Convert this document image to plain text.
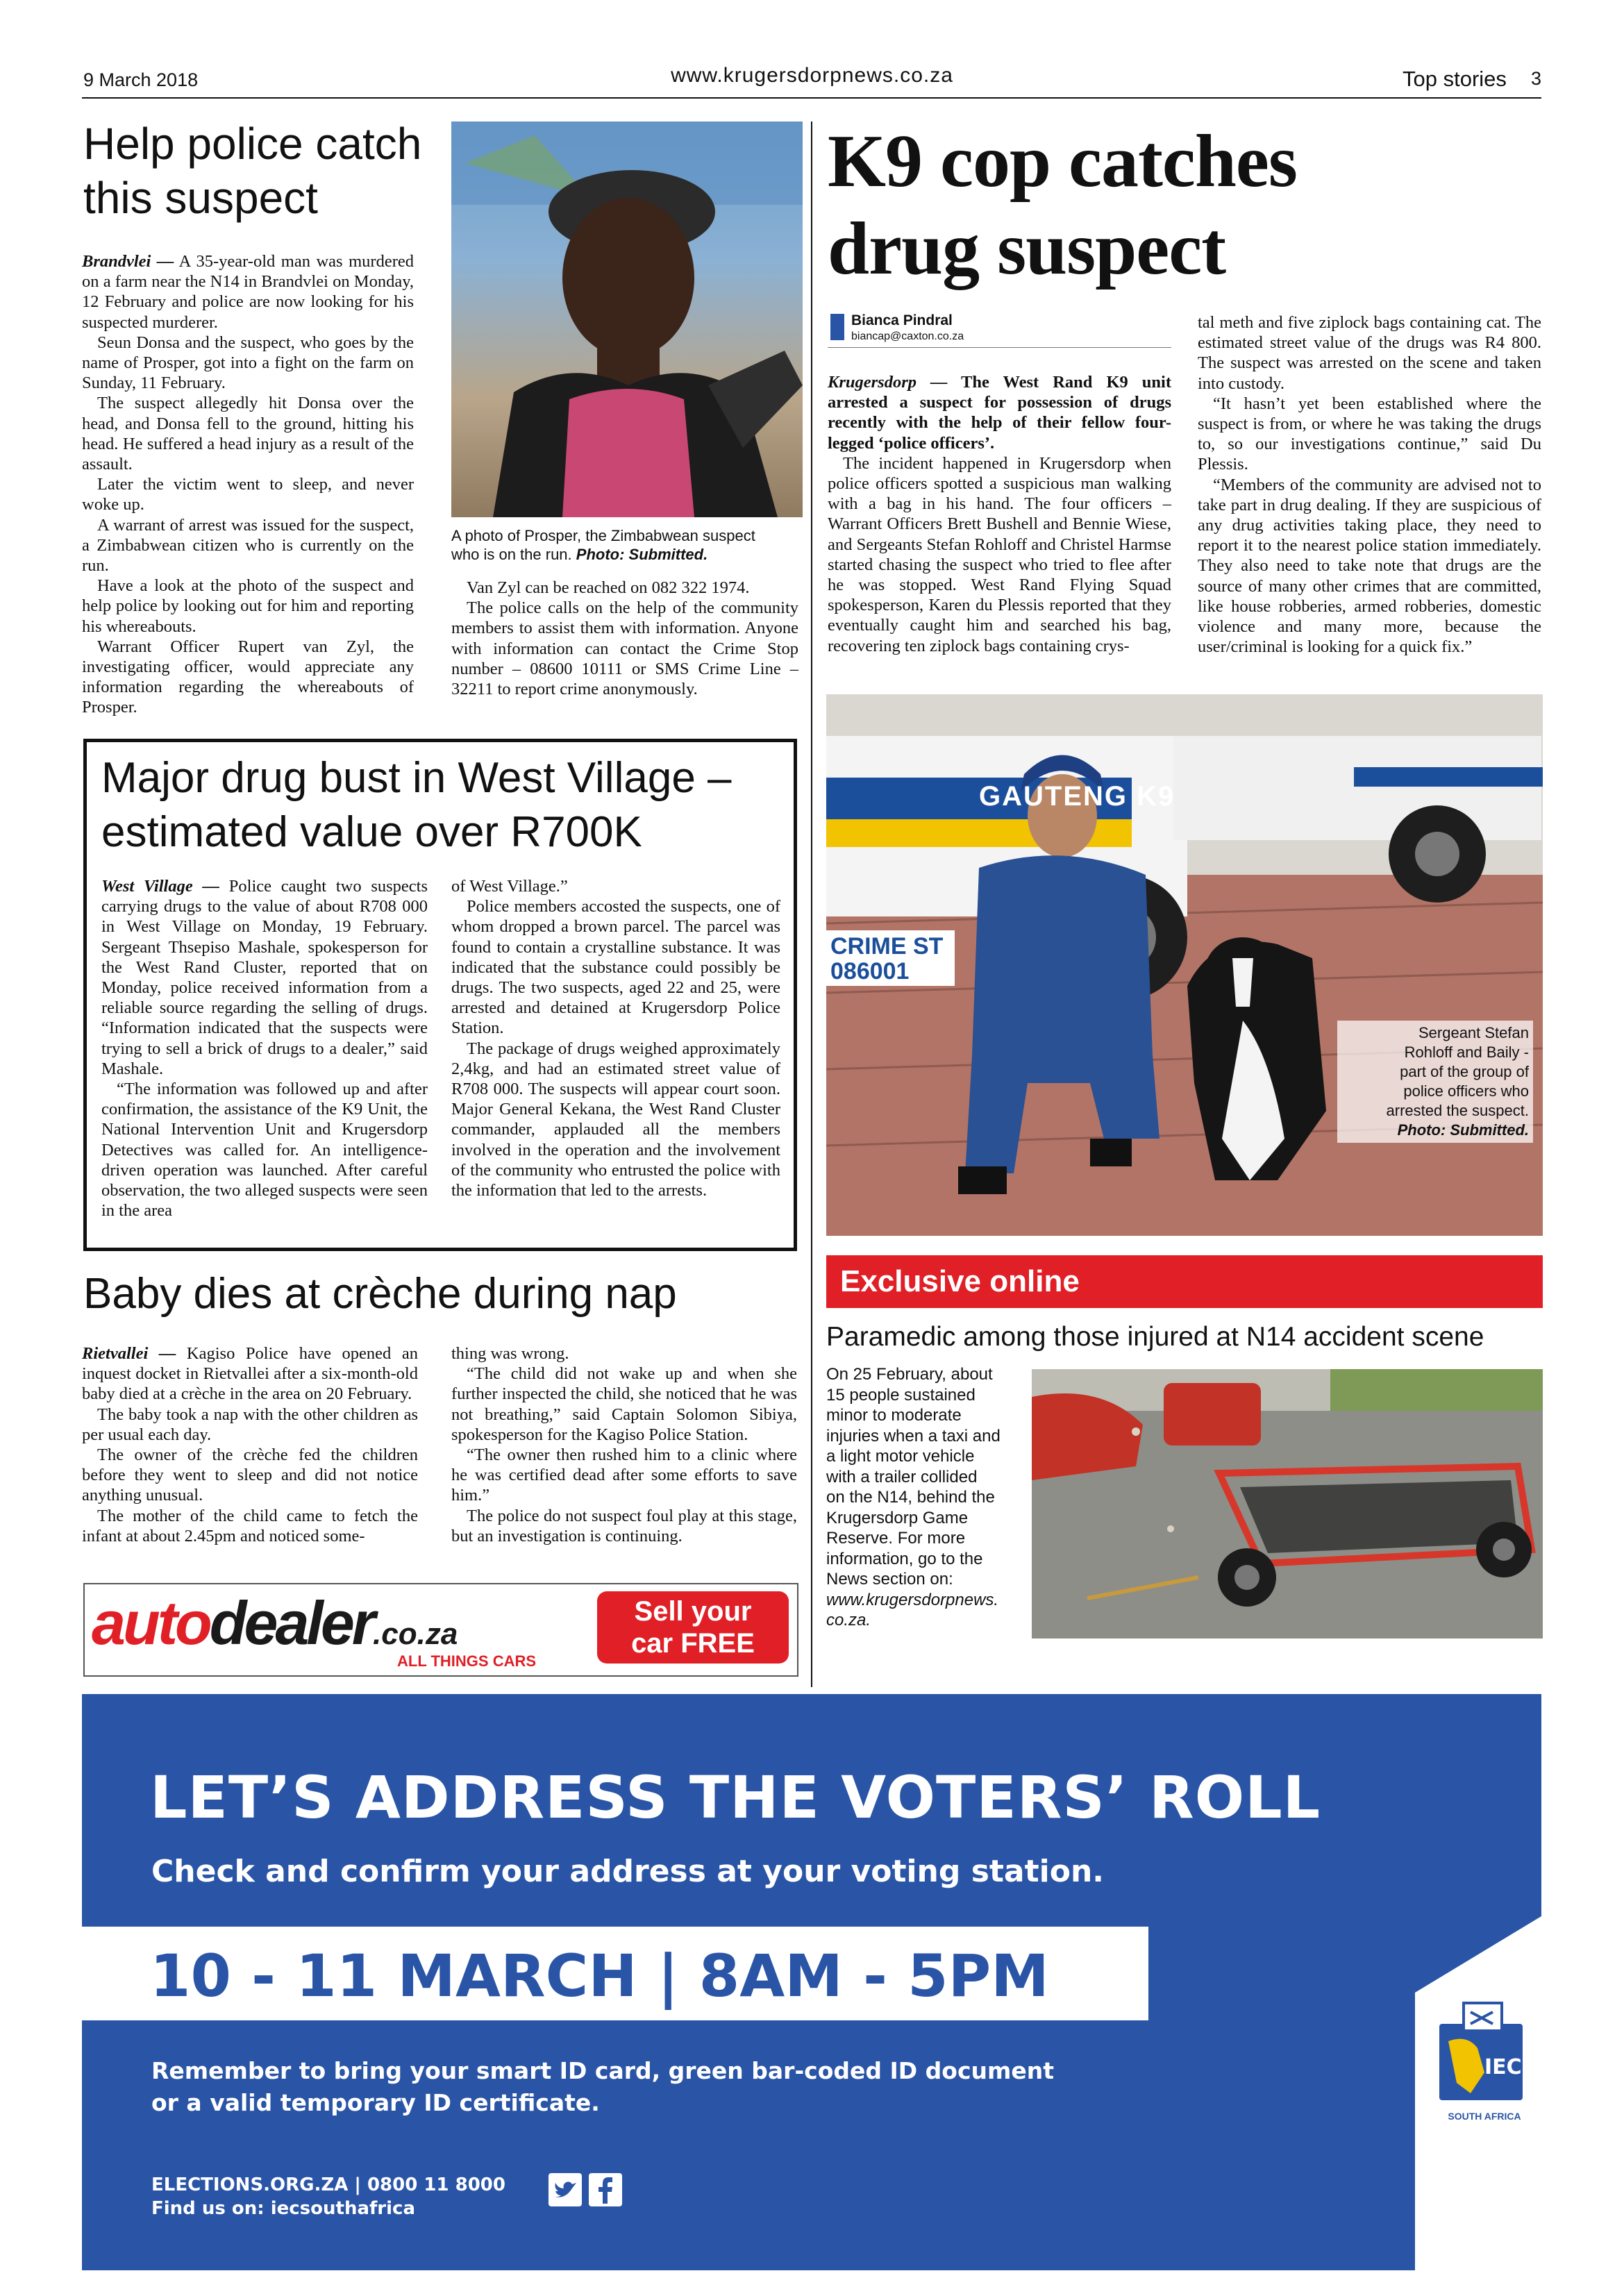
9 March 2018	www.krugersdorpnews.co.za	Top stories 3
Help police catch
this suspect

Brandvlei — A 35-year-old man was murdered on a farm near the N14 in Brandvlei on Monday, 12 February and police are now looking for his suspected murderer.

Seun Donsa and the suspect, who goes by the name of Prosper, got into a fight on the farm on Sunday, 11 February.

The suspect allegedly hit Donsa over the head, and Donsa fell to the ground, hitting his head. He suffered a head injury as a result of the assault.

Later the victim went to sleep, and never woke up.

A warrant of arrest was issued for the suspect, a Zimbabwean citizen who is currently on the run.

Have a look at the photo of the suspect and help police by looking out for him and reporting his whereabouts.

Warrant Officer Rupert van Zyl, the investigating officer, would appreciate any information regarding the whereabouts of Prosper.

A photo of Prosper, the Zimbabwean suspect who is on the run. Photo: Submitted.

Van Zyl can be reached on 082 322 1974.

The police calls on the help of the community members to assist them with information. Anyone with information can contact the Crime Stop number – 08600 10111 or SMS Crime Line – 32211 to report crime anonymously.

K9 cop catches
drug suspect
Bianca Pindral
biancap@caxton.co.za

Krugersdorp — The West Rand K9 unit arrested a suspect for possession of drugs recently with the help of their fellow four-legged ‘police officers’.

The incident happened in Krugersdorp when police officers spotted a suspicious man walking with a bag in his hand. The four officers – Warrant Officers Brett Bushell and Bennie Wiese, and Sergeants Stefan Rohloff and Christel Harmse started chasing the suspect who tried to flee after he was stopped. West Rand Flying Squad spokesperson, Karen du Plessis reported that they eventually caught him and searched his bag, recovering ten ziplock bags containing crys-

tal meth and five ziplock bags containing cat. The estimated street value of the drugs was R4 800. The suspect was arrested on the scene and taken into custody.

“It hasn’t yet been established where the suspect is from, or where he was taking the drugs to, so our investigations continue,” said Du Plessis.

“Members of the community are advised not to take part in drug dealing. If they are suspicious of any drug activities taking place, they need to report it to the nearest police station immediately. They also need to take note that drugs are the source of many other crimes that are committed, like house robberies, armed robberies, domestic violence and many more, because the user/criminal is looking for a quick fix.”

GAUTENG K9
CRIME ST
086001
Sergeant Stefan
Rohloff and Baily -
part of the group of
police officers who
arrested the suspect.
Photo: Submitted.
Major drug bust in West Village –
estimated value over R700K

West Village — Police caught two suspects carrying drugs to the value of about R708 000 in West Village on Monday, 19 February. Sergeant Thsepiso Mashale, spokesperson for the West Rand Cluster, reported that on Monday, police received information from a reliable source regarding the selling of drugs. “Information indicated that the suspects were trying to sell a brick of drugs to a dealer,” said Mashale.

“The information was followed up and after confirmation, the assistance of the K9 Unit, the National Intervention Unit and Krugersdorp Detectives was called for. An intelligence-driven operation was launched. After careful observation, the two alleged suspects were seen in the area

of West Village.”

Police members accosted the suspects, one of whom dropped a brown parcel. The parcel was found to contain a crystalline substance. It was indicated that the substance could possibly be drugs. The two suspects, aged 22 and 25, were arrested and detained at Krugersdorp Police Station.

The package of drugs weighed approximately 2,4kg, and had an estimated street value of R708 000. The suspects will appear court soon. Major General Kekana, the West Rand Cluster commander, applauded all the members involved in the operation and the involvement of the community who entrusted the police with the information that led to the arrests.

Baby dies at crèche during nap

Rietvallei — Kagiso Police have opened an inquest docket in Rietvallei after a six-month-old baby died at a crèche in the area on 20 February.

The baby took a nap with the other children as per usual each day.

The owner of the crèche fed the children before they went to sleep and did not notice anything unusual.

The mother of the child came to fetch the infant at about 2.45pm and noticed some-

thing was wrong.

“The child did not wake up and when she further inspected the child, she noticed that he was not breathing,” said Captain Solomon Sibiya, spokesperson for the Kagiso Police Station.

“The owner then rushed him to a clinic where he was certified dead after some efforts to save him.”

The police do not suspect foul play at this stage, but an investigation is continuing.

autodealer.co.za
ALL THINGS CARS
Sell your
car FREE
Exclusive online
Paramedic among those injured at N14 accident scene
On 25 February, about
15 people sustained
minor to moderate
injuries when a taxi and
a light motor vehicle
with a trailer collided
on the N14, behind the
Krugersdorp Game
Reserve. For more
information, go to the
News section on:
www.krugersdorpnews.
co.za.
LET’S ADDRESS THE VOTERS’ ROLL
Check and confirm your address at your voting station.
10 - 11 MARCH | 8AM - 5PM
IEC
SOUTH AFRICA
Remember to bring your smart ID card, green bar-coded ID document
or a valid temporary ID certificate.
ELECTIONS.ORG.ZA | 0800 11 8000
Find us on: iecsouthafrica
